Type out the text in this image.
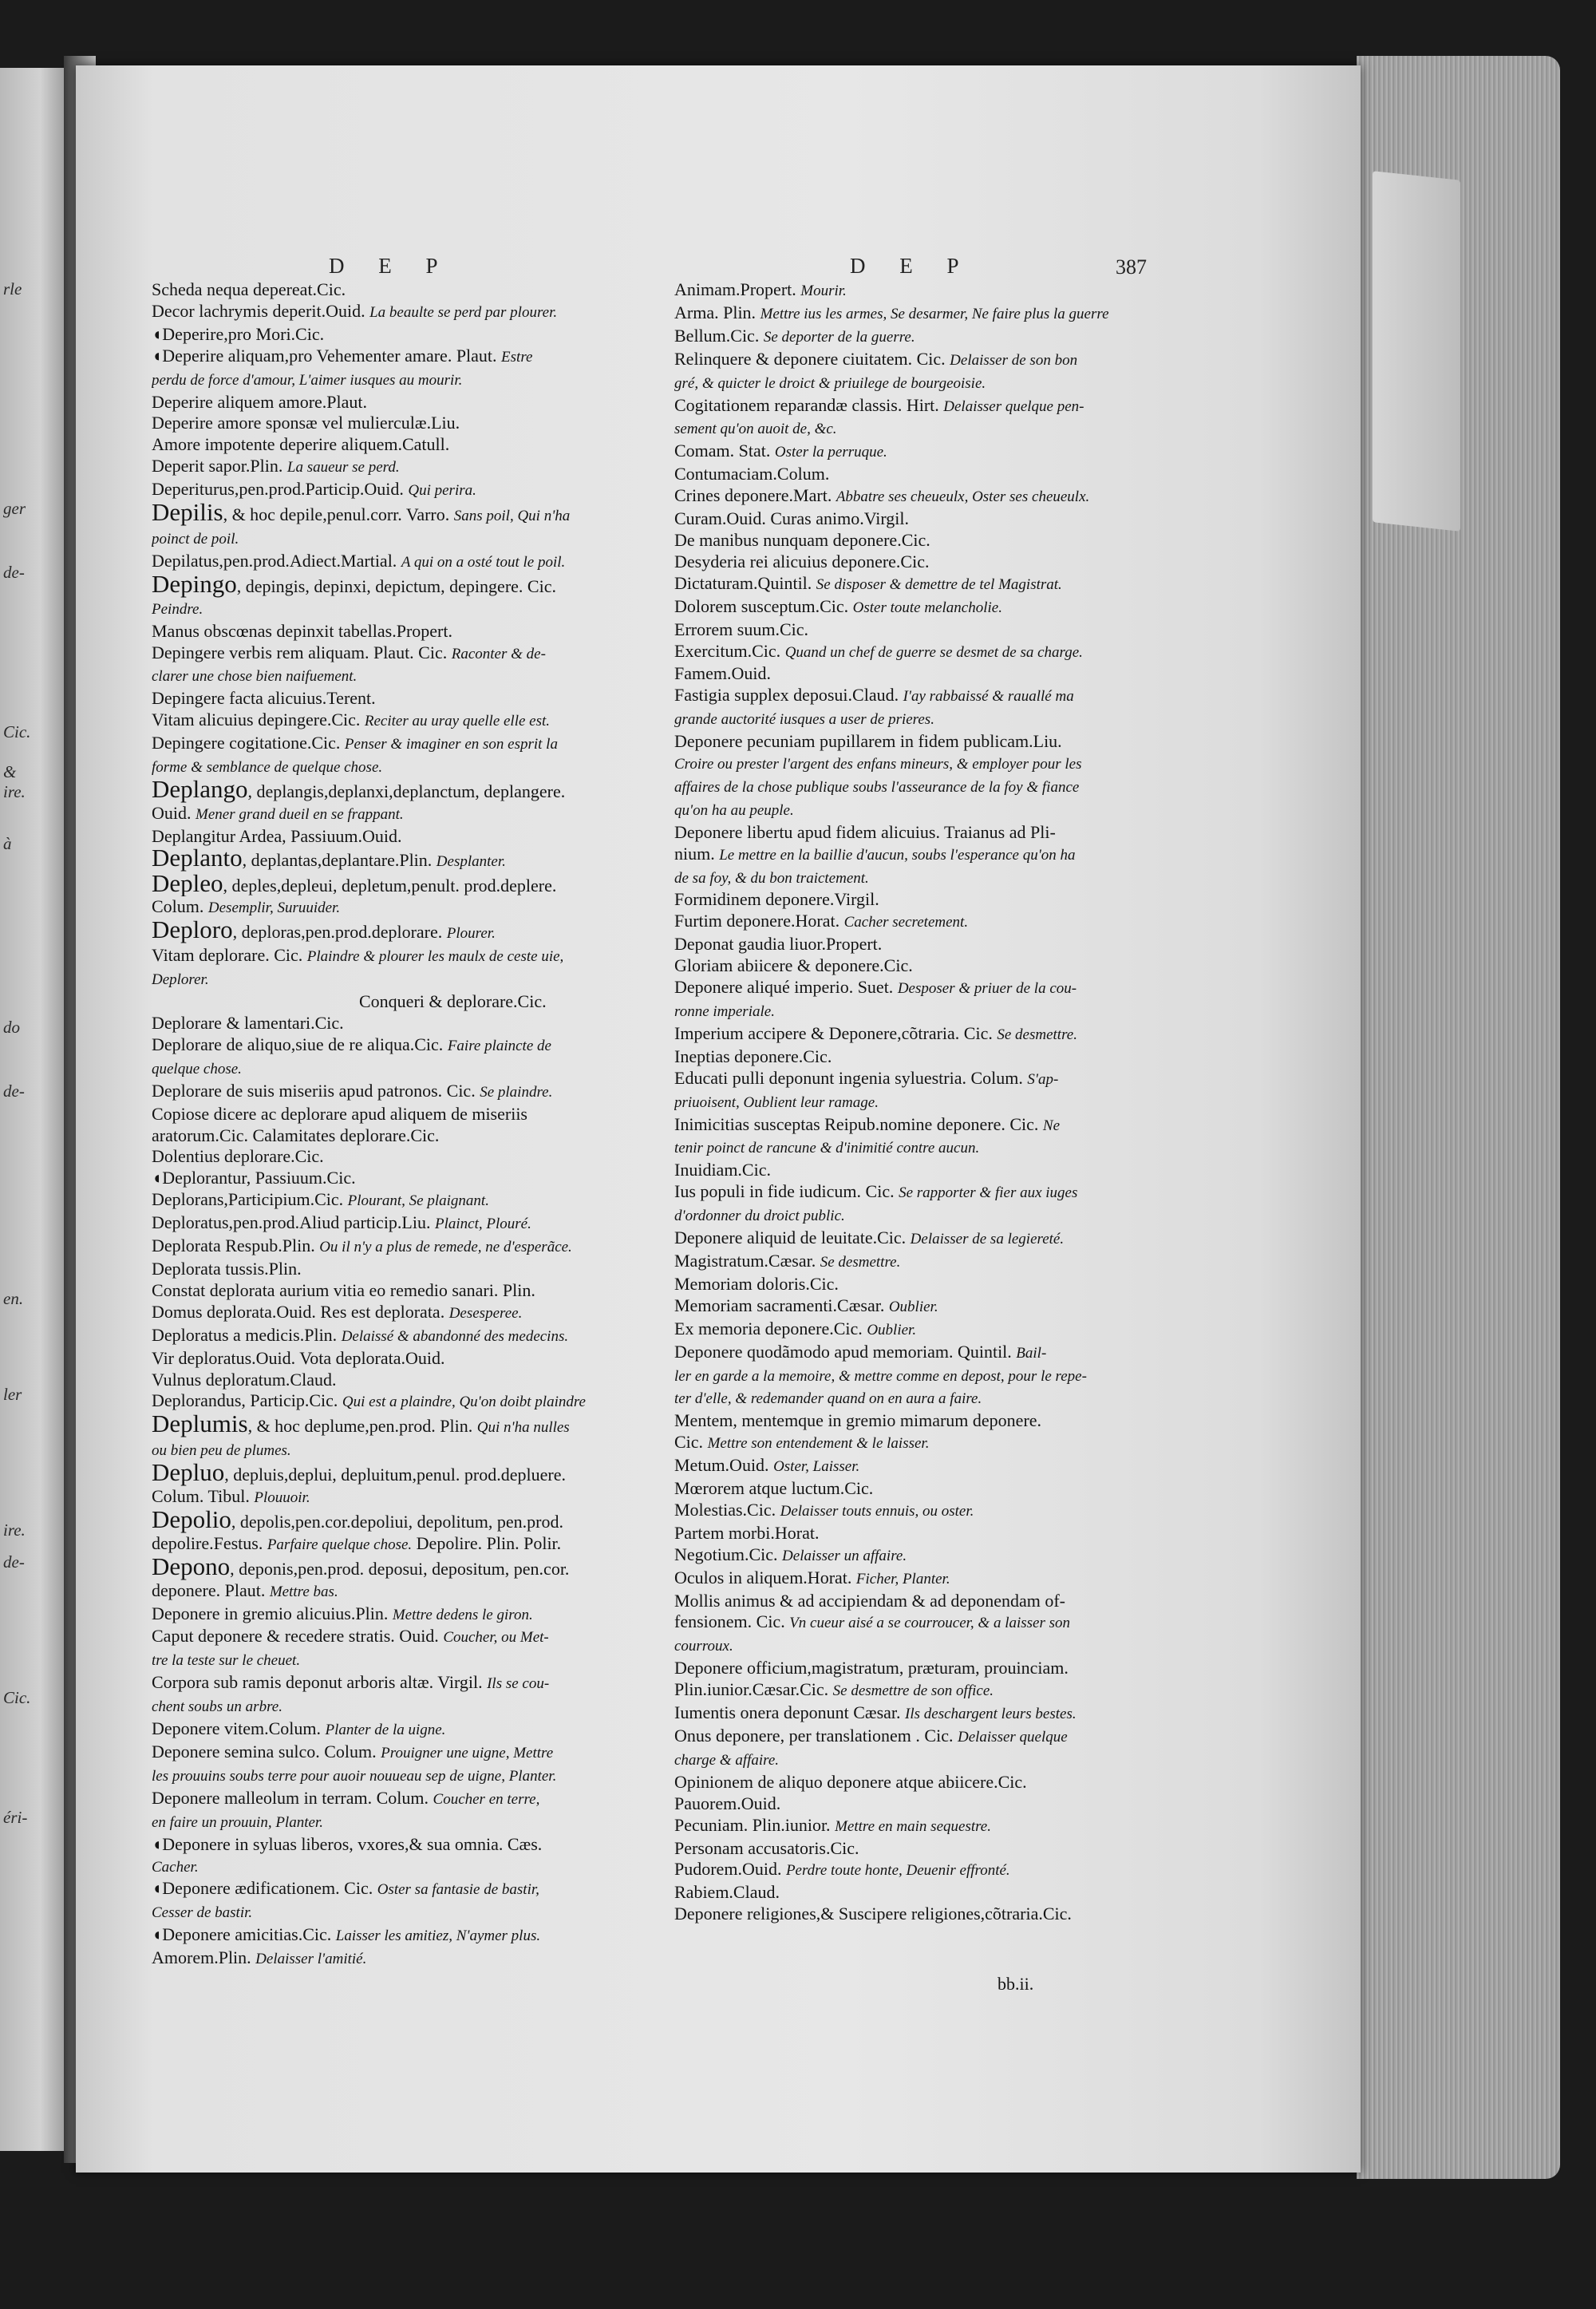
rle
ger
de-
Cic.
&
ire.
à
do
de-
en.
ler
ire.
de-
Cic.
éri-
D E P	D E P	387
Scheda nequa depereat.Cic.
Decor lachrymis deperit.Ouid. La beaulte se perd par plourer.
◖Deperire,pro Mori.Cic.
◖Deperire aliquam,pro Vehementer amare. Plaut. Estre
perdu de force d'amour, L'aimer iusques au mourir.
Deperire aliquem amore.Plaut.
Deperire amore sponsæ vel mulierculæ.Liu.
Amore impotente deperire aliquem.Catull.
Deperit sapor.Plin. La saueur se perd.
Deperiturus,pen.prod.Particip.Ouid. Qui perira.
Depilis, & hoc depile,penul.corr. Varro. Sans poil, Qui n'ha
poinct de poil.
Depilatus,pen.prod.Adiect.Martial. A qui on a osté tout le poil.
Depingo, depingis, depinxi, depictum, depingere. Cic.
Peindre.
Manus obscœnas depinxit tabellas.Propert.
Depingere verbis rem aliquam. Plaut. Cic. Raconter & de-
clarer une chose bien naifuement.
Depingere facta alicuius.Terent.
Vitam alicuius depingere.Cic. Reciter au uray quelle elle est.
Depingere cogitatione.Cic. Penser & imaginer en son esprit la
forme & semblance de quelque chose.
Deplango, deplangis,deplanxi,deplanctum, deplangere.
Ouid. Mener grand dueil en se frappant.
Deplangitur Ardea, Passiuum.Ouid.
Deplanto, deplantas,deplantare.Plin. Desplanter.
Depleo, deples,depleui, depletum,penult. prod.deplere.
Colum. Desemplir, Suruuider.
Deploro, deploras,pen.prod.deplorare. Plourer.
Vitam deplorare. Cic. Plaindre & plourer les maulx de ceste uie,
Deplorer.
Conqueri & deplorare.Cic.
Deplorare & lamentari.Cic.
Deplorare de aliquo,siue de re aliqua.Cic. Faire plaincte de
quelque chose.
Deplorare de suis miseriis apud patronos. Cic. Se plaindre.
Copiose dicere ac deplorare apud aliquem de miseriis
aratorum.Cic. Calamitates deplorare.Cic.
Dolentius deplorare.Cic.
◖Deplorantur, Passiuum.Cic.
Deplorans,Participium.Cic. Plourant, Se plaignant.
Deploratus,pen.prod.Aliud particip.Liu. Plainct, Plouré.
Deplorata Respub.Plin. Ou il n'y a plus de remede, ne d'esperãce.
Deplorata tussis.Plin.
Constat deplorata aurium vitia eo remedio sanari. Plin.
Domus deplorata.Ouid. Res est deplorata. Desesperee.
Deploratus a medicis.Plin. Delaissé & abandonné des medecins.
Vir deploratus.Ouid. Vota deplorata.Ouid.
Vulnus deploratum.Claud.
Deplorandus, Particip.Cic. Qui est a plaindre, Qu'on doibt plaindre
Deplumis, & hoc deplume,pen.prod. Plin. Qui n'ha nulles
ou bien peu de plumes.
Depluo, depluis,deplui, depluitum,penul. prod.depluere.
Colum. Tibul. Plouuoir.
Depolio, depolis,pen.cor.depoliui, depolitum, pen.prod.
depolire.Festus. Parfaire quelque chose. Depolire. Plin. Polir.
Depono, deponis,pen.prod. deposui, depositum, pen.cor.
deponere. Plaut. Mettre bas.
Deponere in gremio alicuius.Plin. Mettre dedens le giron.
Caput deponere & recedere stratis. Ouid. Coucher, ou Met-
tre la teste sur le cheuet.
Corpora sub ramis deponut arboris altæ. Virgil. Ils se cou-
chent soubs un arbre.
Deponere vitem.Colum. Planter de la uigne.
Deponere semina sulco. Colum. Prouigner une uigne, Mettre
les prouuins soubs terre pour auoir nouueau sep de uigne, Planter.
Deponere malleolum in terram. Colum. Coucher en terre,
en faire un prouuin, Planter.
◖Deponere in syluas liberos, vxores,& sua omnia. Cæs.
Cacher.
◖Deponere ædificationem. Cic. Oster sa fantasie de bastir,
Cesser de bastir.
◖Deponere amicitias.Cic. Laisser les amitiez, N'aymer plus.
Amorem.Plin. Delaisser l'amitié.
Animam.Propert. Mourir.
Arma. Plin. Mettre ius les armes, Se desarmer, Ne faire plus la guerre
Bellum.Cic. Se deporter de la guerre.
Relinquere & deponere ciuitatem. Cic. Delaisser de son bon
gré, & quicter le droict & priuilege de bourgeoisie.
Cogitationem reparandæ classis. Hirt. Delaisser quelque pen-
sement qu'on auoit de, &c.
Comam. Stat. Oster la perruque.
Contumaciam.Colum.
Crines deponere.Mart. Abbatre ses cheueulx, Oster ses cheueulx.
Curam.Ouid. Curas animo.Virgil.
De manibus nunquam deponere.Cic.
Desyderia rei alicuius deponere.Cic.
Dictaturam.Quintil. Se disposer & demettre de tel Magistrat.
Dolorem susceptum.Cic. Oster toute melancholie.
Errorem suum.Cic.
Exercitum.Cic. Quand un chef de guerre se desmet de sa charge.
Famem.Ouid.
Fastigia supplex deposui.Claud. I'ay rabbaissé & rauallé ma
grande auctorité iusques a user de prieres.
Deponere pecuniam pupillarem in fidem publicam.Liu.
Croire ou prester l'argent des enfans mineurs, & employer pour les
affaires de la chose publique soubs l'asseurance de la foy & fiance
qu'on ha au peuple.
Deponere libertu apud fidem alicuius. Traianus ad Pli-
nium. Le mettre en la baillie d'aucun, soubs l'esperance qu'on ha
de sa foy, & du bon traictement.
Formidinem deponere.Virgil.
Furtim deponere.Horat. Cacher secretement.
Deponat gaudia liuor.Propert.
Gloriam abiicere & deponere.Cic.
Deponere aliqué imperio. Suet. Desposer & priuer de la cou-
ronne imperiale.
Imperium accipere & Deponere,cõtraria. Cic. Se desmettre.
Ineptias deponere.Cic.
Educati pulli deponunt ingenia syluestria. Colum. S'ap-
priuoisent, Oublient leur ramage.
Inimicitias susceptas Reipub.nomine deponere. Cic. Ne
tenir poinct de rancune & d'inimitié contre aucun.
Inuidiam.Cic.
Ius populi in fide iudicum. Cic. Se rapporter & fier aux iuges
d'ordonner du droict public.
Deponere aliquid de leuitate.Cic. Delaisser de sa legiereté.
Magistratum.Cæsar. Se desmettre.
Memoriam doloris.Cic.
Memoriam sacramenti.Cæsar. Oublier.
Ex memoria deponere.Cic. Oublier.
Deponere quodãmodo apud memoriam. Quintil. Bail-
ler en garde a la memoire, & mettre comme en depost, pour le repe-
ter d'elle, & redemander quand on en aura a faire.
Mentem, mentemque in gremio mimarum deponere.
Cic. Mettre son entendement & le laisser.
Metum.Ouid. Oster, Laisser.
Mœrorem atque luctum.Cic.
Molestias.Cic. Delaisser touts ennuis, ou oster.
Partem morbi.Horat.
Negotium.Cic. Delaisser un affaire.
Oculos in aliquem.Horat. Ficher, Planter.
Mollis animus & ad accipiendam & ad deponendam of-
fensionem. Cic. Vn cueur aisé a se courroucer, & a laisser son
courroux.
Deponere officium,magistratum, præturam, prouinciam.
Plin.iunior.Cæsar.Cic. Se desmettre de son office.
Iumentis onera deponunt Cæsar. Ils deschargent leurs bestes.
Onus deponere, per translationem . Cic. Delaisser quelque
charge & affaire.
Opinionem de aliquo deponere atque abiicere.Cic.
Pauorem.Ouid.
Pecuniam. Plin.iunior. Mettre en main sequestre.
Personam accusatoris.Cic.
Pudorem.Ouid. Perdre toute honte, Deuenir effronté.
Rabiem.Claud.
Deponere religiones,& Suscipere religiones,cõtraria.Cic.
bb.ii.
